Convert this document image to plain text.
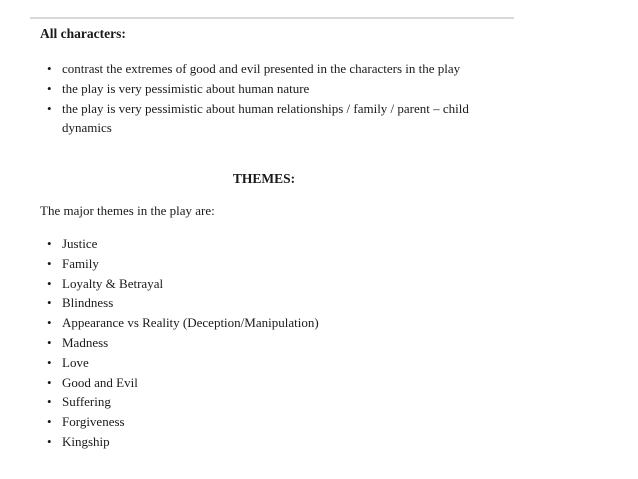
All characters:

• contrast the extremes of good and evil presented in the characters in the play
• the play is very pessimistic about human nature
• the play is very pessimistic about human relationships / family / parent – child dynamics

THEMES:

The major themes in the play are:

• Justice
• Family
• Loyalty & Betrayal
• Blindness
• Appearance vs Reality (Deception/Manipulation)
• Madness
• Love
• Good and Evil
• Suffering
• Forgiveness
• Kingship
